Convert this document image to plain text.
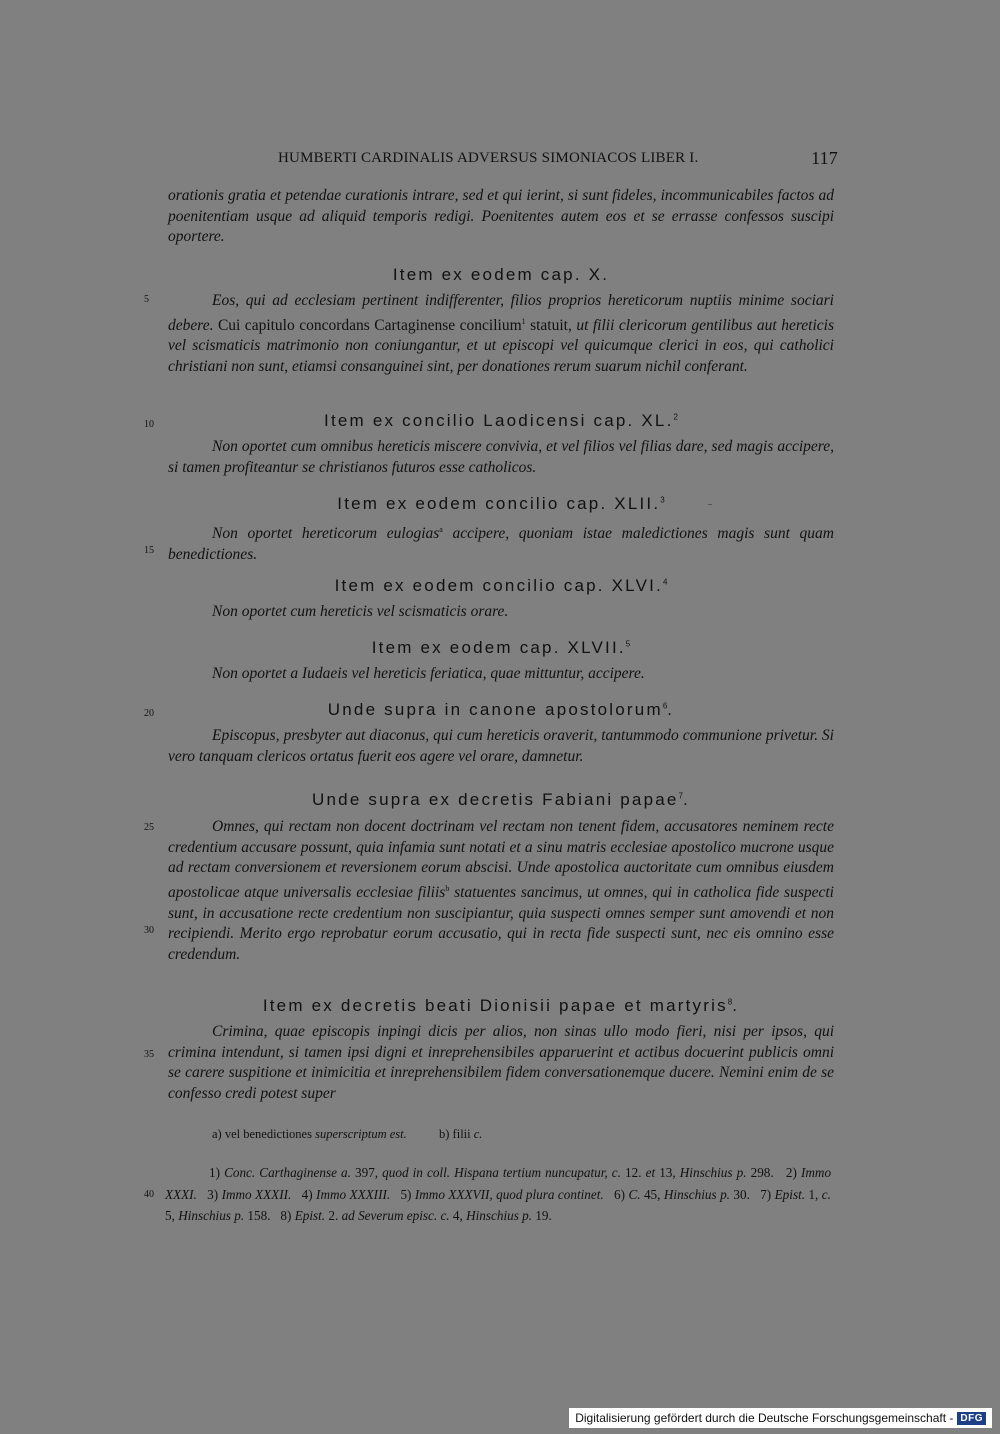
HUMBERTI CARDINALIS ADVERSUS SIMONIACOS LIBER I.	117
orationis gratia et petendae curationis intrare, sed et qui ierint, si sunt fideles, incommunicabiles factos ad poenitentiam usque ad aliquid temporis redigi. Poenitentes autem eos et se errasse confessos suscipi oportere.
Item ex eodem cap. X.
5	Eos, qui ad ecclesiam pertinent indifferenter, filios proprios hereticorum nuptiis minime sociari debere. Cui capitulo concordans Cartaginense concilium$^1$ statuit, ut filii clericorum gentilibus aut hereticis vel scismaticis matrimonio non coniungantur, et ut episcopi vel quicumque clerici in eos, qui catholici christiani non sunt, etiamsi consanguinei sint, per donationes rerum suarum nichil conferant.
10	Item ex concilio Laodicensi cap. XL.$^2$
Non oportet cum omnibus hereticis miscere convivia, et vel filios vel filias dare, sed magis accipere, si tamen profiteantur se christianos futuros esse catholicos.
Item ex eodem concilio cap. XLII.$^3$
Non oportet hereticorum eulogias$^a$ accipere, quoniam istae maledictiones magis sunt quam benedictiones.
15
Item ex eodem concilio cap. XLVI.$^4$
Non oportet cum hereticis vel scismaticis orare.
Item ex eodem cap. XLVII.$^5$
Non oportet a Iudaeis vel hereticis feriatica, quae mittuntur, accipere.
20	Unde supra in canone apostolorum$^6$.
Episcopus, presbyter aut diaconus, qui cum hereticis oraverit, tantummodo communione privetur. Si vero tanquam clericos ortatus fuerit eos agere vel orare, damnetur.
Unde supra ex decretis Fabiani papae$^7$.
25	Omnes, qui rectam non docent doctrinam vel rectam non tenent fidem, accusatores neminem recte credentium accusare possunt, quia infamia sunt notati et a sinu matris ecclesiae apostolico mucrone usque ad rectam conversionem et reversionem eorum abscisi. Unde apostolica auctoritate cum omnibus eiusdem apostolicae atque universalis ecclesiae filiis$^b$ statuentes sancimus, ut omnes, qui in catholica fide suspecti sunt, in accusatione recte credentium non suscipiantur, quia suspecti omnes semper sunt amovendi et non recipiendi. Merito ergo reprobatur eorum accusatio, qui in recta fide suspecti sunt, nec eis omnino esse credendum.
30
Item ex decretis beati Dionisii papae et martyris$^8$.
Crimina, quae episcopis inpingi dicis per alios, non sinas ullo modo fieri, nisi per ipsos, qui crimina intendunt, si tamen ipsi digni et inreprehensibiles apparuerint et actibus docuerint publicis omni se carere suspitione et inimicitia et inreprehensibilem fidem conversationemque ducere. Nemini enim de se confesso credi potest super
35
a) vel benedictiones superscriptum est.	b) filii c.
40
1) Conc. Carthaginense a. 397, quod in coll. Hispana tertium nuncupatur, c. 12. et 13, Hinschius p. 298.   2) Immo XXXI.   3) Immo XXXII.   4) Immo XXXIII.   5) Immo XXXVII, quod plura continet.   6) C. 45, Hinschius p. 30.   7) Epist. 1, c. 5, Hinschius p. 158.   8) Epist. 2. ad Severum episc. c. 4, Hinschius p. 19.
Digitalisierung gefördert durch die Deutsche Forschungsgemeinschaft - DFG
